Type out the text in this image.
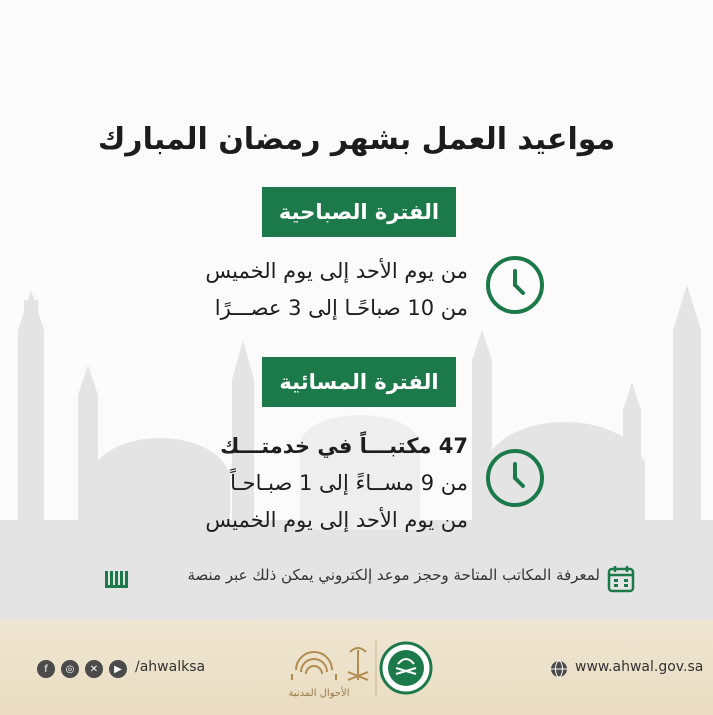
مواعيد العمل بشهر رمضان المبارك
الفترة الصباحية
من يوم الأحد إلى يوم الخميس
من 10 صباحًـا إلى 3 عصـــرًا
الفترة المسائية
47 مكتبـــاً في خدمتـــك
من 9 مســاءً إلى 1 صبـاحـاً
من يوم الأحد إلى يوم الخميس
لمعرفة المكاتب المتاحة وحجز موعد إلكتروني يمكن ذلك عبر منصة
f	◎	✕	▶ /ahwalksa
الأحوال المدنية
www.ahwal.gov.sa
